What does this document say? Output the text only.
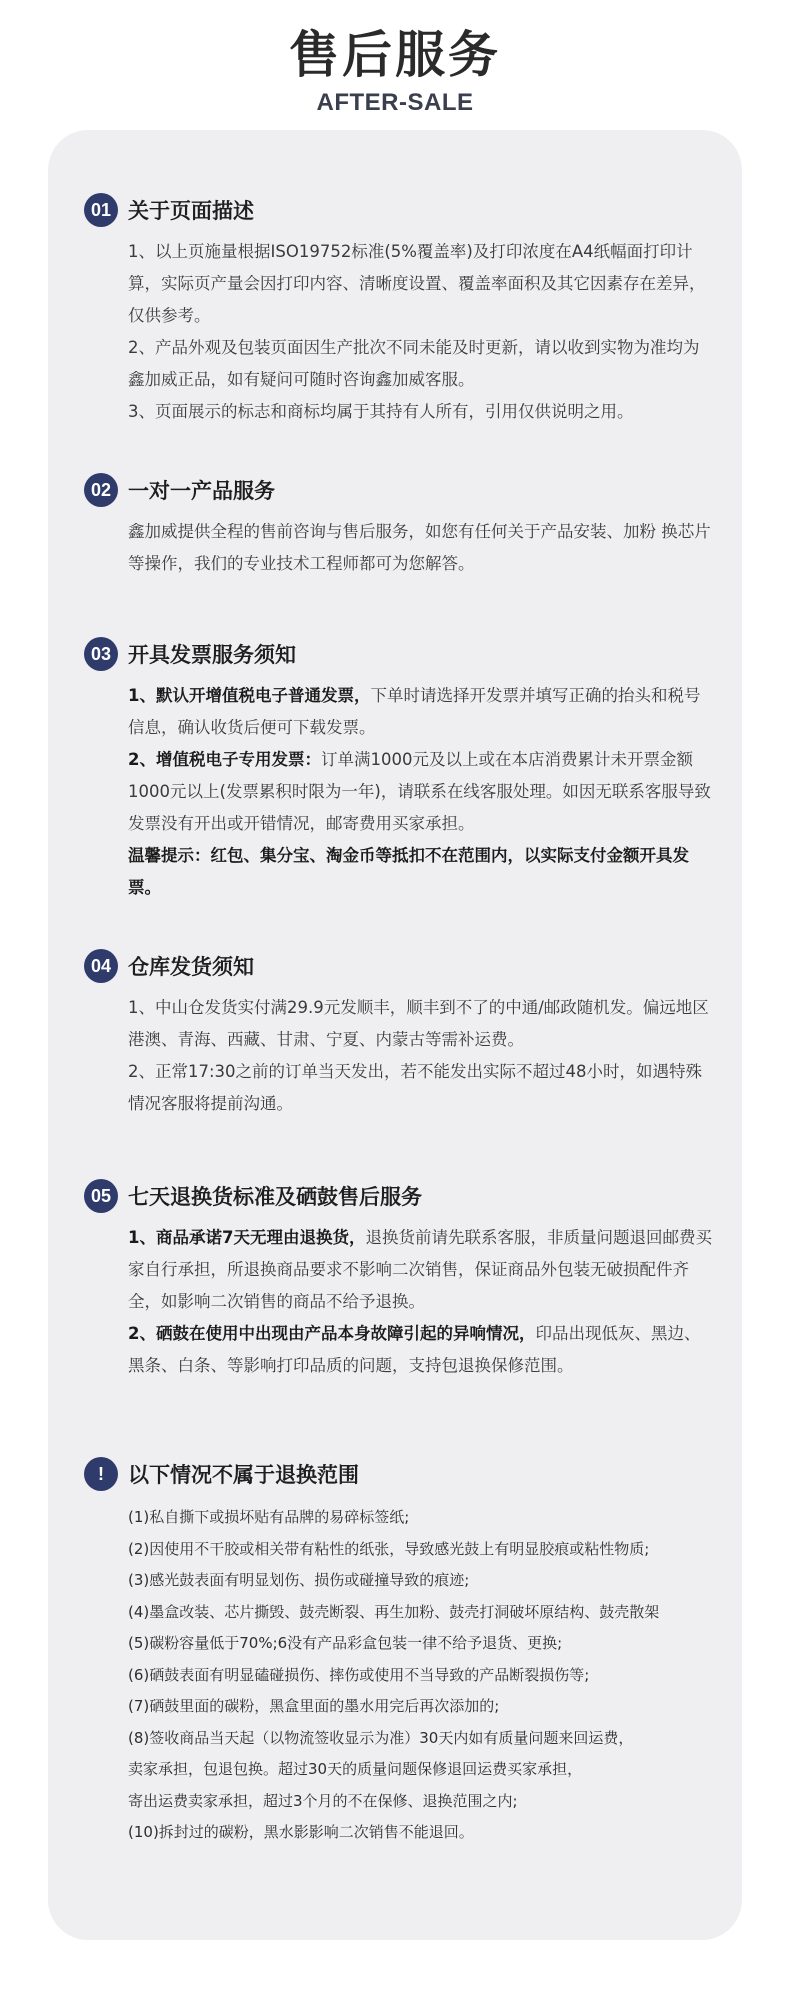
售后服务
AFTER-SALE
01 关于页面描述

1、以上页施量根据ISO19752标准(5%覆盖率)及打印浓度在A4纸幅面打印计算，实际页产量会因打印内容、清晰度设置、覆盖率面积及其它因素存在差异，仅供参考。

2、产品外观及包装页面因生产批次不同未能及时更新，请以收到实物为准均为鑫加威正品，如有疑问可随时咨询鑫加威客服。

3、页面展示的标志和商标均属于其持有人所有，引用仅供说明之用。

02 一对一产品服务

鑫加威提供全程的售前咨询与售后服务，如您有任何关于产品安装、加粉 换芯片等操作，我们的专业技术工程师都可为您解答。

03 开具发票服务须知

1、默认开增值税电子普通发票，下单时请选择开发票并填写正确的抬头和税号信息，确认收货后便可下载发票。

2、增值税电子专用发票：订单满1000元及以上或在本店消费累计未开票金额1000元以上(发票累积时限为一年)，请联系在线客服处理。如因无联系客服导致发票没有开出或开错情况，邮寄费用买家承担。

温馨提示：红包、集分宝、淘金币等抵扣不在范围内，以实际支付金额开具发票。

04 仓库发货须知

1、中山仓发货实付满29.9元发顺丰，顺丰到不了的中通/邮政随机发。偏远地区港澳、青海、西藏、甘肃、宁夏、内蒙古等需补运费。

2、正常17:30之前的订单当天发出，若不能发出实际不超过48小时，如遇特殊情况客服将提前沟通。

05 七天退换货标准及硒鼓售后服务

1、商品承诺7天无理由退换货，退换货前请先联系客服，非质量问题退回邮费买家自行承担，所退换商品要求不影响二次销售，保证商品外包装无破损配件齐全，如影响二次销售的商品不给予退换。

2、硒鼓在使用中出现由产品本身故障引起的异响情况，印品出现低灰、黑边、黑条、白条、等影响打印品质的问题，支持包退换保修范围。

!	以下情况不属于退换范围

(1)私自撕下或损坏贴有品牌的易碎标签纸;

(2)因使用不干胶或相关带有粘性的纸张，导致感光鼓上有明显胶痕或粘性物质;

(3)感光鼓表面有明显划伤、损伤或碰撞导致的痕迹;

(4)墨盒改装、芯片撕毁、鼓壳断裂、再生加粉、鼓壳打洞破坏原结构、鼓壳散架

(5)碳粉容量低于70%;6没有产品彩盒包装一律不给予退货、更换;

(6)硒鼓表面有明显磕碰损伤、摔伤或使用不当导致的产品断裂损伤等;

(7)硒鼓里面的碳粉，黑盒里面的墨水用完后再次添加的;

(8)签收商品当天起（以物流签收显示为准）30天内如有质量问题来回运费，

卖家承担，包退包换。超过30天的质量问题保修退回运费买家承担，

寄出运费卖家承担，超过3个月的不在保修、退换范围之内;

(10)拆封过的碳粉，黑水影影响二次销售不能退回。
